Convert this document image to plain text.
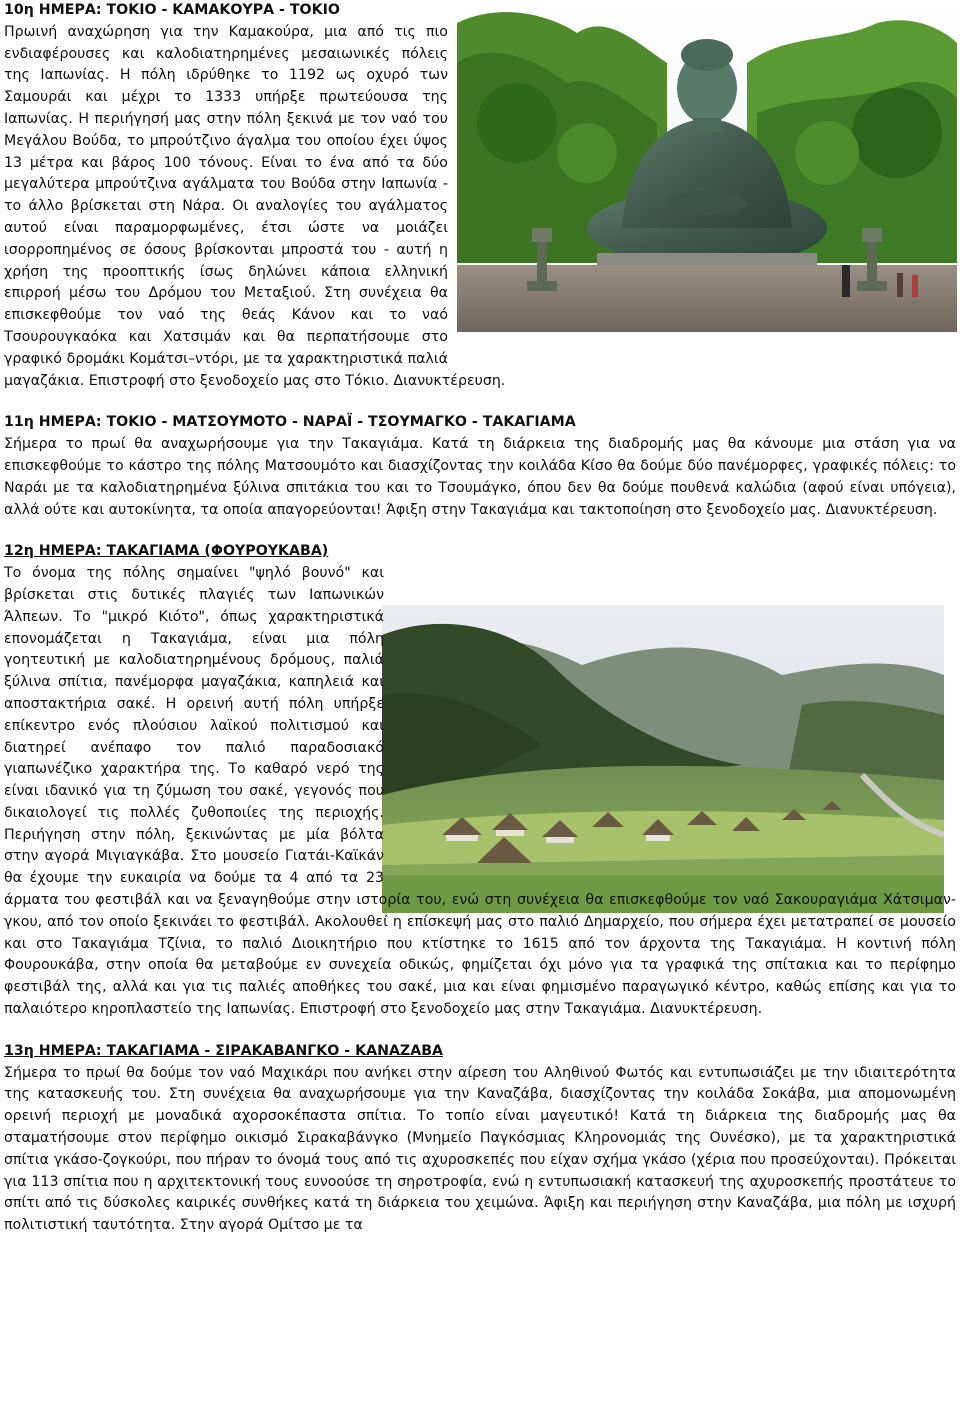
10η ΗΜΕΡΑ: ΤΟΚΙΟ - ΚΑΜΑΚΟΥΡΑ - ΤΟΚΙΟ

Πρωινή αναχώρηση για την Καμακούρα, μια από τις πιο ενδιαφέρουσες και καλοδιατηρημένες μεσαιωνικές πόλεις της Ιαπωνίας. Η πόλη ιδρύθηκε το 1192 ως οχυρό των Σαμουράι και μέχρι το 1333 υπήρξε πρωτεύουσα της Ιαπωνίας. Η περιήγησή μας στην πόλη ξεκινά με τον ναό του Μεγάλου Βούδα, το μπρούτζινο άγαλμα του οποίου έχει ύψος 13 μέτρα και βάρος 100 τόνους. Είναι το ένα από τα δύο μεγαλύτερα μπρούτζινα αγάλματα του Βούδα στην Ιαπωνία - το άλλο βρίσκεται στη Νάρα. Οι αναλογίες του αγάλματος αυτού είναι παραμορφωμένες, έτσι ώστε να μοιάζει ισορροπημένος σε όσους βρίσκονται μπροστά του - αυτή η χρήση της προοπτικής ίσως δηλώνει κάποια ελληνική επιρροή μέσω του Δρόμου του Μεταξιού. Στη συνέχεια θα επισκεφθούμε τον ναό της θεάς Κάνον και το ναό Τσουρουγκαόκα και Χατσιμάν και θα περπατήσουμε στο γραφικό δρομάκι Κομάτσι–ντόρι, με τα χαρακτηριστικά παλιά μαγαζάκια. Επιστροφή στο ξενοδοχείο μας στο Τόκιο. Διανυκτέρευση.

11η ΗΜΕΡΑ: ΤΟΚΙΟ - ΜΑΤΣΟΥΜΟΤΟ - ΝΑΡΑΪ - ΤΣΟΥΜΑΓΚΟ - ΤΑΚΑΓΙΑΜΑ

Σήμερα το πρωί θα αναχωρήσουμε για την Τακαγιάμα. Κατά τη διάρκεια της διαδρομής μας θα κάνουμε μια στάση για να επισκεφθούμε το κάστρο της πόλης Ματσουμότο και διασχίζοντας την κοιλάδα Κίσο θα δούμε δύο πανέμορφες, γραφικές πόλεις: το Ναράι με τα καλοδιατηρημένα ξύλινα σπιτάκια του και το Τσουμάγκο, όπου δεν θα δούμε πουθενά καλώδια (αφού είναι υπόγεια), αλλά ούτε και αυτοκίνητα, τα οποία απαγορεύονται! Άφιξη στην Τακαγιάμα και τακτοποίηση στο ξενοδοχείο μας. Διανυκτέρευση.

12η ΗΜΕΡΑ: ΤΑΚΑΓΙΑΜΑ (ΦΟΥΡΟΥΚΑΒΑ)

Το όνομα της πόλης σημαίνει "ψηλό βουνό" και βρίσκεται στις δυτικές πλαγιές των Ιαπωνικών Άλπεων. Το "μικρό Κιότο", όπως χαρακτηριστικά επονομάζεται η Τακαγιάμα, είναι μια πόλη γοητευτική με καλοδιατηρημένους δρόμους, παλιά ξύλινα σπίτια, πανέμορφα μαγαζάκια, καπηλειά και αποστακτήρια σακέ. Η ορεινή αυτή πόλη υπήρξε επίκεντρο ενός πλούσιου λαϊκού πολιτισμού και διατηρεί ανέπαφο τον παλιό παραδοσιακό γιαπωνέζικο χαρακτήρα της. Το καθαρό νερό της είναι ιδανικό για τη ζύμωση του σακέ, γεγονός που δικαιολογεί τις πολλές ζυθοποιίες της περιοχής. Περιήγηση στην πόλη, ξεκινώντας με μία βόλτα στην αγορά Μιγιαγκάβα. Στο μουσείο Γιατάι-Καϊκάν θα έχουμε την ευκαιρία να δούμε τα 4 από τα 23 άρματα του φεστιβάλ και να ξεναγηθούμε στην ιστορία του, ενώ στη συνέχεια θα επισκεφθούμε τον ναό Σακουραγιάμα Χάτσιμαν-γκου, από τον οποίο ξεκινάει το φεστιβάλ. Ακολουθεί η επίσκεψή μας στο παλιό Δημαρχείο, που σήμερα έχει μετατραπεί σε μουσείο και στο Τακαγιάμα Τζίνια, το παλιό Διοικητήριο που κτίστηκε το 1615 από τον άρχοντα της Τακαγιάμα. Η κοντινή πόλη Φουρουκάβα, στην οποία θα μεταβούμε εν συνεχεία οδικώς, φημίζεται όχι μόνο για τα γραφικά της σπίτακια και το περίφημο φεστιβάλ της, αλλά και για τις παλιές αποθήκες του σακέ, μια και είναι φημισμένο παραγωγικό κέντρο, καθώς επίσης και για το παλαιότερο κηροπλαστείο της Ιαπωνίας. Επιστροφή στο ξενοδοχείο μας στην Τακαγιάμα. Διανυκτέρευση.

13η ΗΜΕΡΑ: ΤΑΚΑΓΙΑΜΑ - ΣΙΡΑΚΑΒΑΝΓΚΟ - ΚΑΝΑΖΑΒΑ

Σήμερα το πρωί θα δούμε τον ναό Μαχικάρι που ανήκει στην αίρεση του Αληθινού Φωτός και εντυπωσιάζει με την ιδιαιτερότητα της κατασκευής του. Στη συνέχεια θα αναχωρήσουμε για την Καναζάβα, διασχίζοντας την κοιλάδα Σοκάβα, μια απομονωμένη ορεινή περιοχή με μοναδικά αχορσοκέπαστα σπίτια. Το τοπίο είναι μαγευτικό! Κατά τη διάρκεια της διαδρομής μας θα σταματήσουμε στον περίφημο οικισμό Σιρακαβάνγκο (Μνημείο Παγκόσμιας Κληρονομιάς της Ουνέσκο), με τα χαρακτηριστικά σπίτια γκάσο-ζογκούρι, που πήραν το όνομά τους από τις αχυροσκεπές που είχαν σχήμα γκάσο (χέρια που προσεύχονται). Πρόκειται για 113 σπίτια που η αρχιτεκτονική τους ευνοούσε τη σηροτροφία, ενώ η εντυπωσιακή κατασκευή της αχυροσκεπής προστάτευε το σπίτι από τις δύσκολες καιρικές συνθήκες κατά τη διάρκεια του χειμώνα. Άφιξη και περιήγηση στην Καναζάβα, μια πόλη με ισχυρή πολιτιστική ταυτότητα. Στην αγορά Ομίτσο με τα
